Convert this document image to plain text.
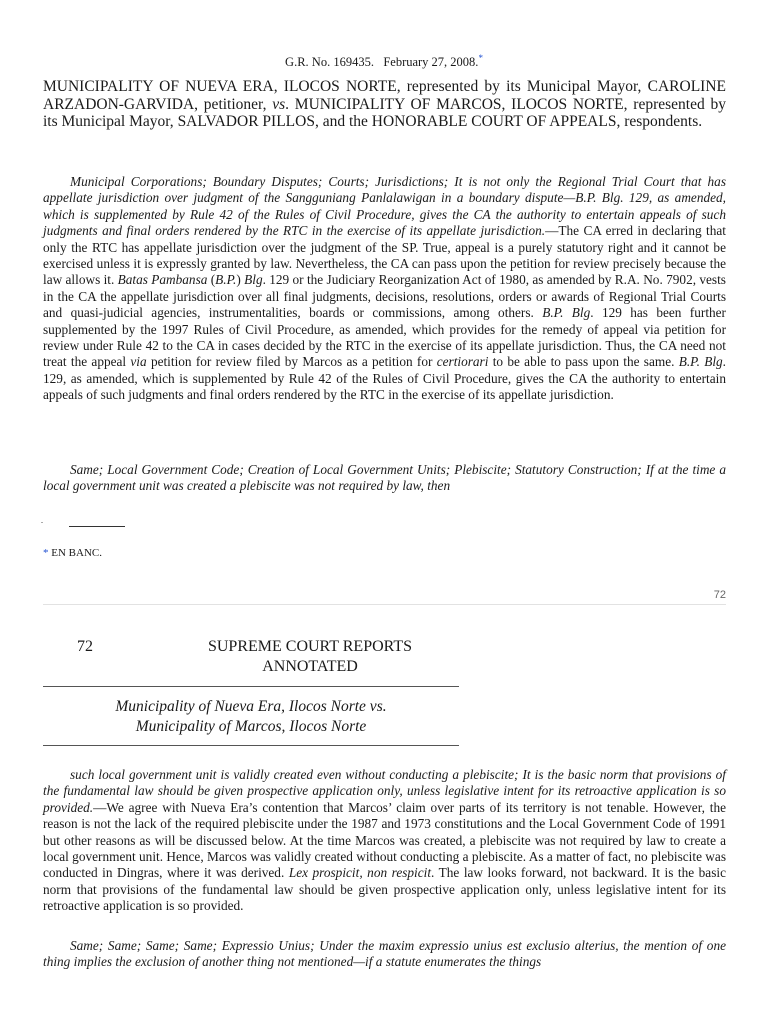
G.R. No. 169435.   February 27, 2008.*

MUNICIPALITY OF NUEVA ERA, ILOCOS NORTE, represented by its Municipal Mayor, CAROLINE ARZADON-GARVIDA, petitioner, vs. MUNICIPALITY OF MARCOS, ILOCOS NORTE, represented by its Municipal Mayor, SALVADOR PILLOS, and the HONORABLE COURT OF APPEALS, respondents.

Municipal Corporations; Boundary Disputes; Courts; Jurisdictions; It is not only the Regional Trial Court that has appellate jurisdiction over judgment of the Sangguniang Panlalawigan in a boundary dispute—B.P. Blg. 129, as amended, which is supplemented by Rule 42 of the Rules of Civil Procedure, gives the CA the authority to entertain appeals of such judgments and final orders rendered by the RTC in the exercise of its appellate jurisdiction.—The CA erred in declaring that only the RTC has appellate jurisdiction over the judgment of the SP. True, appeal is a purely statutory right and it cannot be exercised unless it is expressly granted by law. Nevertheless, the CA can pass upon the petition for review precisely because the law allows it. Batas Pambansa (B.P.) Blg. 129 or the Judiciary Reorganization Act of 1980, as amended by R.A. No. 7902, vests in the CA the appellate jurisdiction over all final judgments, decisions, resolutions, orders or awards of Regional Trial Courts and quasi-judicial agencies, instrumentalities, boards or commissions, among others. B.P. Blg. 129 has been further supplemented by the 1997 Rules of Civil Procedure, as amended, which provides for the remedy of appeal via petition for review under Rule 42 to the CA in cases decided by the RTC in the exercise of its appellate jurisdiction. Thus, the CA need not treat the appeal via petition for review filed by Marcos as a petition for certiorari to be able to pass upon the same. B.P. Blg. 129, as amended, which is supplemented by Rule 42 of the Rules of Civil Procedure, gives the CA the authority to entertain appeals of such judgments and final orders rendered by the RTC in the exercise of its appellate jurisdiction.

Same; Local Government Code; Creation of Local Government Units; Plebiscite; Statutory Construction; If at the time a local government unit was created a plebiscite was not required by law, then

.
* EN BANC.
72
72	SUPREME COURT REPORTS ANNOTATED
Municipality of Nueva Era, Ilocos Norte vs.
Municipality of Marcos, Ilocos Norte

such local government unit is validly created even without conducting a plebiscite; It is the basic norm that provisions of the fundamental law should be given prospective application only, unless legislative intent for its retroactive application is so provided.—We agree with Nueva Era’s contention that Marcos’ claim over parts of its territory is not tenable. However, the reason is not the lack of the required plebiscite under the 1987 and 1973 constitutions and the Local Government Code of 1991 but other reasons as will be discussed below. At the time Marcos was created, a plebiscite was not required by law to create a local government unit. Hence, Marcos was validly created without conducting a plebiscite. As a matter of fact, no plebiscite was conducted in Dingras, where it was derived. Lex prospicit, non respicit. The law looks forward, not backward. It is the basic norm that provisions of the fundamental law should be given prospective application only, unless legislative intent for its retroactive application is so provided.

Same; Same; Same; Same; Expressio Unius; Under the maxim expressio unius est exclusio alterius, the mention of one thing implies the exclusion of another thing not mentioned—if a statute enumerates the things
